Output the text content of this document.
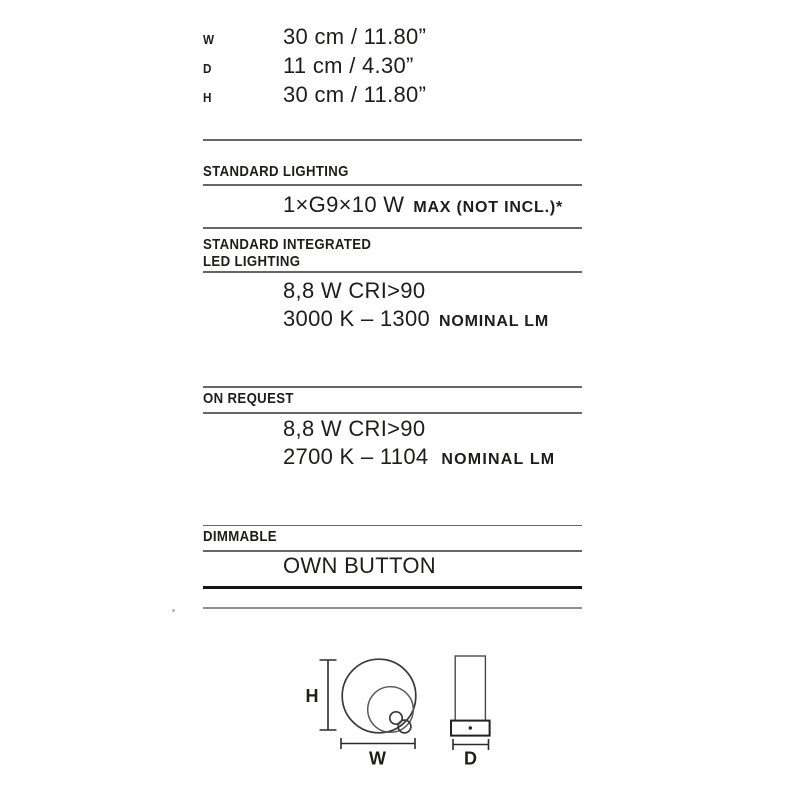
W	30 cm / 11.80”
D	11 cm / 4.30”
H	30 cm / 11.80”
STANDARD LIGHTING
1×G9×10 W MAX (NOT INCL.)*
STANDARD INTEGRATED
LED LIGHTING
8,8 W CRI>90
3000 K – 1300 NOMINAL LM
ON REQUEST
8,8 W CRI>90
2700 K – 1104 NOMINAL LM
DIMMABLE
OWN BUTTON
H
W	D
